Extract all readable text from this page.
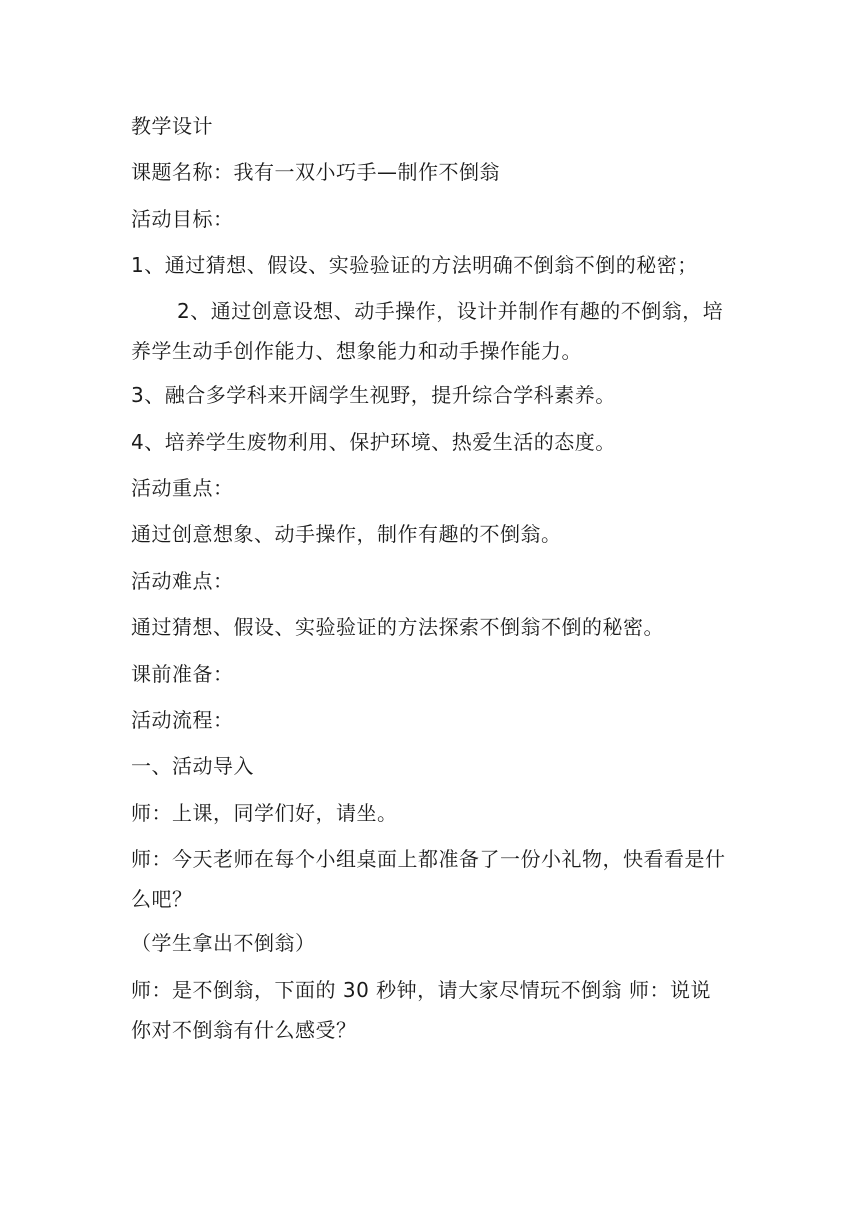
教学设计
课题名称：我有一双小巧手—制作不倒翁
活动目标：
1、通过猜想、假设、实验验证的方法明确不倒翁不倒的秘密；
2、通过创意设想、动手操作，设计并制作有趣的不倒翁，培养学生动手创作能力、想象能力和动手操作能力。
3、融合多学科来开阔学生视野，提升综合学科素养。
4、培养学生废物利用、保护环境、热爱生活的态度。
活动重点：
通过创意想象、动手操作，制作有趣的不倒翁。
活动难点：
通过猜想、假设、实验验证的方法探索不倒翁不倒的秘密。
课前准备：
活动流程：
一、活动导入
师：上课，同学们好，请坐。
师：今天老师在每个小组桌面上都准备了一份小礼物，快看看是什么吧？
（学生拿出不倒翁）
师：是不倒翁，下面的 30 秒钟，请大家尽情玩不倒翁 师：说说你对不倒翁有什么感受？
